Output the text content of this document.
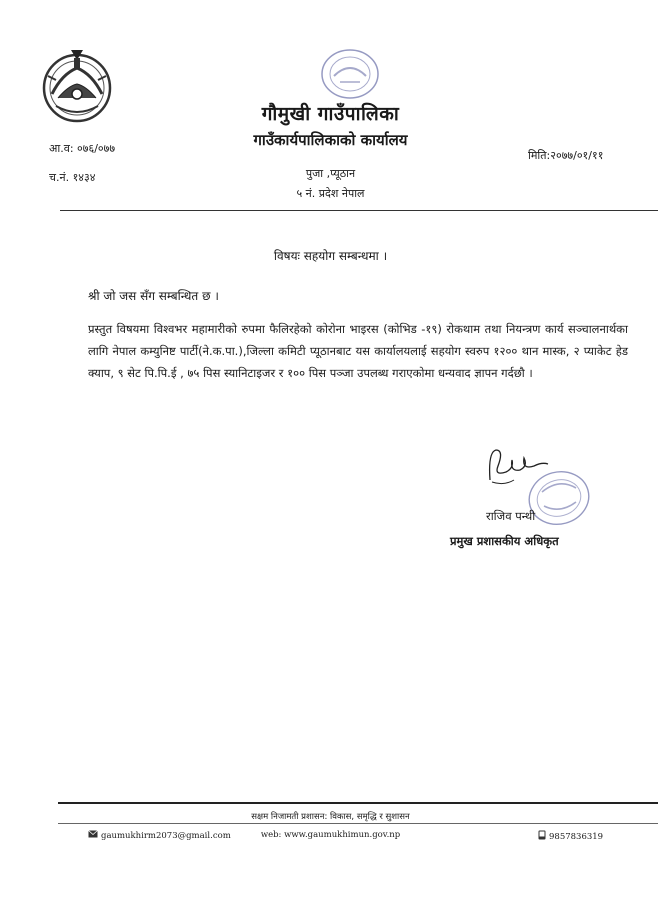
गौमुखी गाउँपालिका
गाउँकार्यपालिकाको कार्यालय
पुजा ,प्यूठान
५ नं. प्रदेश नेपाल
आ.व: ०७६/०७७
च.नं. १४३४
मिति:२०७७/०१/११
विषयः सहयोग सम्बन्धमा ।
श्री जो जस सँग सम्बन्धित छ ।
प्रस्तुत विषयमा विश्वभर महामारीको रुपमा फैलिरहेको कोरोना भाइरस (कोभिड -१९) रोकथाम तथा नियन्त्रण कार्य सञ्चालनार्थका लागि नेपाल कम्युनिष्ट पार्टी(ने.क.पा.),जिल्ला कमिटी प्यूठानबाट यस कार्यालयलाई सहयोग स्वरुप १२०० थान मास्क, २ प्याकेट हेड क्याप, ९ सेट पि.पि.ई , ७५ पिस स्यानिटाइजर र १०० पिस पञ्जा उपलब्ध गराएकोमा धन्यवाद ज्ञापन गर्दछौ ।
राजिव पन्थी
प्रमुख प्रशासकीय अधिकृत
सक्षम निजामती प्रशासन: विकास, समृद्धि र सुशासन
gaumukhirm2073@gmail.com	web: www.gaumukhimun.gov.np	9857836319
